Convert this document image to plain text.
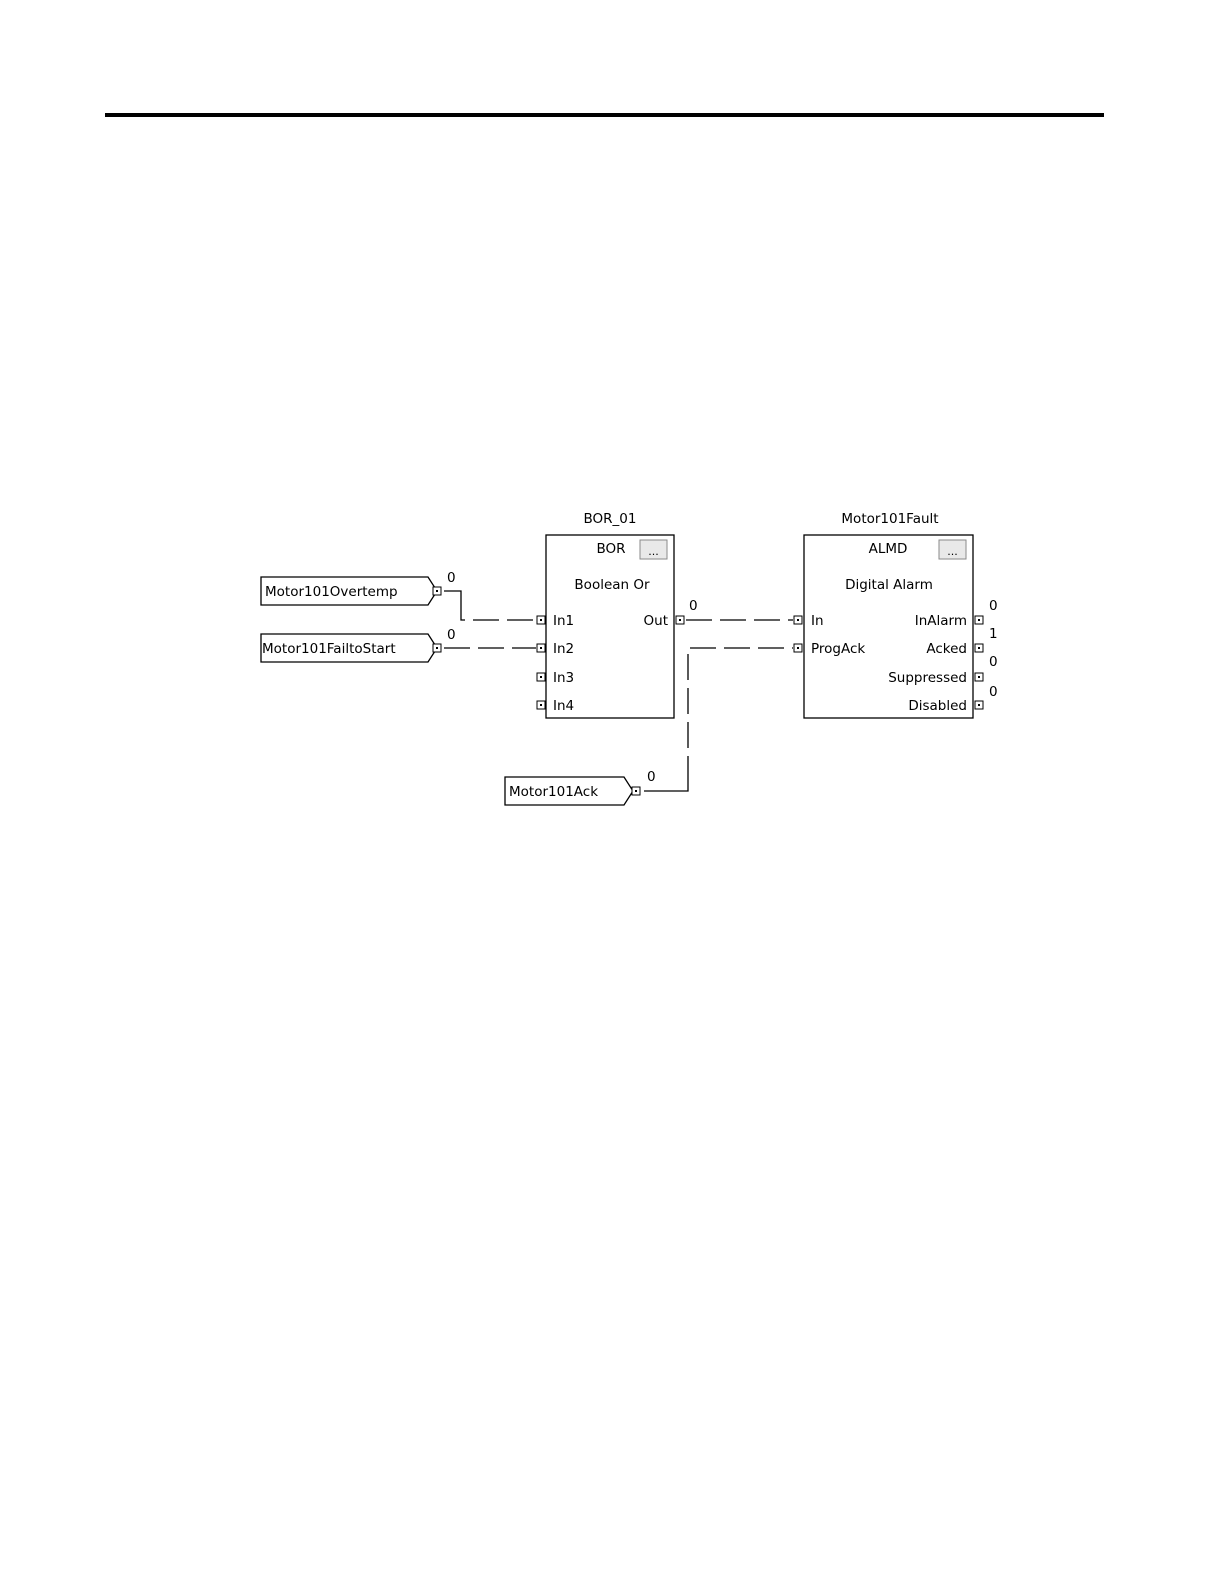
Motor101Overtemp
0
Motor101FailtoStart
0
Motor101Ack
0
BOR_01
BOR ...
Boolean Or
In1
In2
In3
In4
Out
0
Motor101Fault
ALMD	...
Digital Alarm
In
ProgAck
InAlarm
0
Acked
1
Suppressed
0
Disabled
0
